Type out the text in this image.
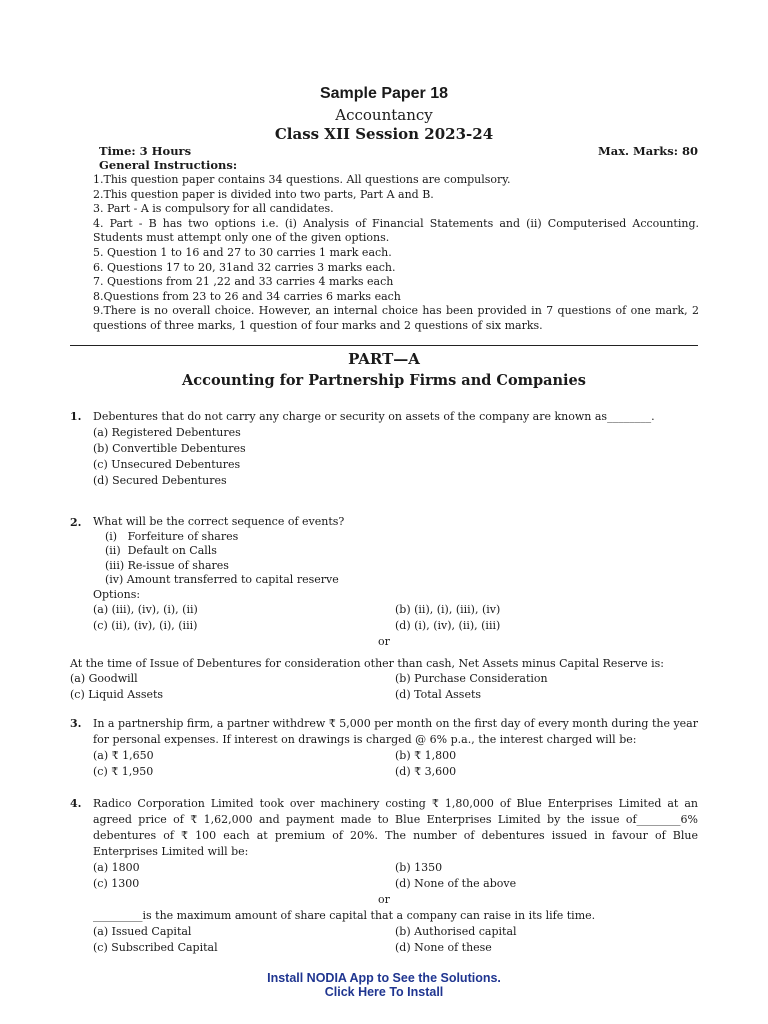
Sample Paper 18
Accountancy
Class XII Session 2023-24
Time: 3 Hours	Max. Marks: 80
General Instructions:
1.This question paper contains 34 questions. All questions are compulsory.
2.This question paper is divided into two parts, Part A and B.
3. Part - A is compulsory for all candidates.
4. Part - B has two options i.e. (i) Analysis of Financial Statements and (ii) Computerised Accounting. Students must attempt only one of the given options.
5. Question 1 to 16 and 27 to 30 carries 1 mark each.
6. Questions 17 to 20, 31and 32 carries 3 marks each.
7. Questions from 21 ,22 and 33 carries 4 marks each
8.Questions from 23 to 26 and 34 carries 6 marks each
9.There is no overall choice. However, an internal choice has been provided in 7 questions of one mark, 2 questions of three marks, 1 question of four marks and 2 questions of six marks.
PART—A
Accounting for Partnership Firms and Companies
1.	Debentures that do not carry any charge or security on assets of the company are known as________.
(a) Registered Debentures
(b) Convertible Debentures
(c) Unsecured Debentures
(d) Secured Debentures
2.	What will be the correct sequence of events?
(i)   Forfeiture of shares
(ii)  Default on Calls
(iii) Re-issue of shares
(iv) Amount transferred to capital reserve
Options:
(a) (iii), (iv), (i), (ii)	(b) (ii), (i), (iii), (iv)
(c) (ii), (iv), (i), (iii)	(d) (i), (iv), (ii), (iii)
or
At the time of Issue of Debentures for consideration other than cash, Net Assets minus Capital Reserve is:
(a) Goodwill	(b) Purchase Consideration
(c) Liquid Assets	(d) Total Assets
3.	In a partnership firm, a partner withdrew ₹ 5,000 per month on the first day of every month during the year for personal expenses. If interest on drawings is charged @ 6% p.a., the interest charged will be:
(a) ₹ 1,650	(b) ₹ 1,800
(c) ₹ 1,950	(d) ₹ 3,600
4.	Radico Corporation Limited took over machinery costing ₹ 1,80,000 of Blue Enterprises Limited at an agreed price of ₹ 1,62,000 and payment made to Blue Enterprises Limited by the issue of________6% debentures of ₹ 100 each at premium of 20%. The number of debentures issued in favour of Blue Enterprises Limited will be:
(a) 1800	(b) 1350
(c) 1300	(d) None of the above
or
_________is the maximum amount of share capital that a company can raise in its life time.
(a) Issued Capital	(b) Authorised capital
(c) Subscribed Capital	(d) None of these
Install NODIA App to See the Solutions.
Click Here To Install
